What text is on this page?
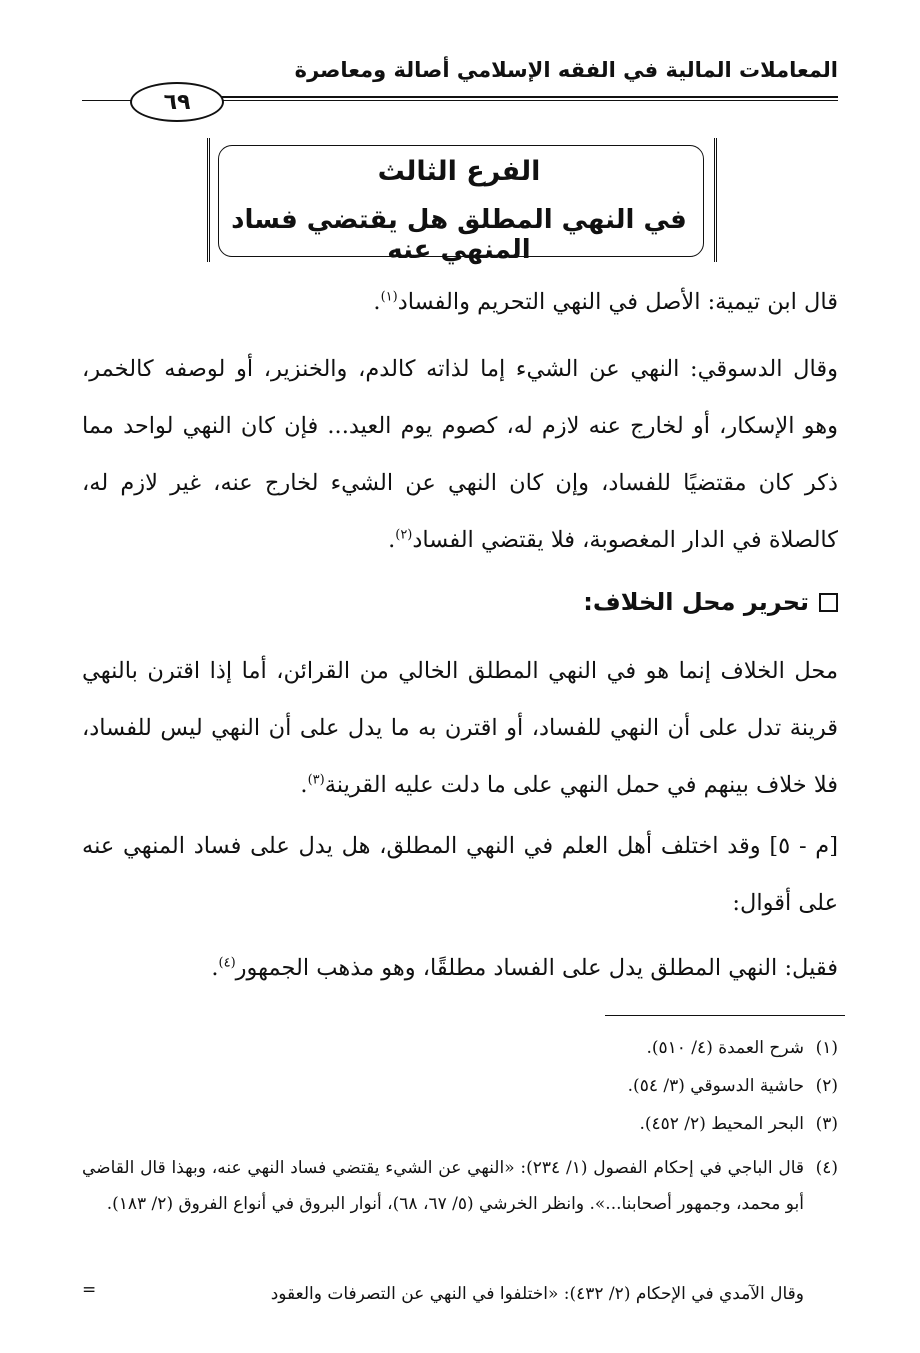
المعاملات المالية في الفقه الإسلامي أصالة ومعاصرة
٦٩
الفرع الثالث
في النهي المطلق هل يقتضي فساد المنهي عنه
قال ابن تيمية: الأصل في النهي التحريم والفساد$^{(١)}$.
وقال الدسوقي: النهي عن الشيء إما لذاته كالدم، والخنزير، أو لوصفه كالخمر، وهو الإسكار، أو لخارج عنه لازم له، كصوم يوم العيد... فإن كان النهي لواحد مما ذكر كان مقتضيًا للفساد، وإن كان النهي عن الشيء لخارج عنه، غير لازم له، كالصلاة في الدار المغصوبة، فلا يقتضي الفساد$^{(٢)}$.
تحرير محل الخلاف:
محل الخلاف إنما هو في النهي المطلق الخالي من القرائن، أما إذا اقترن بالنهي قرينة تدل على أن النهي للفساد، أو اقترن به ما يدل على أن النهي ليس للفساد، فلا خلاف بينهم في حمل النهي على ما دلت عليه القرينة$^{(٣)}$.
[م - ٥] وقد اختلف أهل العلم في النهي المطلق، هل يدل على فساد المنهي عنه على أقوال:
فقيل: النهي المطلق يدل على الفساد مطلقًا، وهو مذهب الجمهور$^{(٤)}$.
(١)شرح العمدة (٤/ ٥١٠).
(٢)حاشية الدسوقي (٣/ ٥٤).
(٣)البحر المحيط (٢/ ٤٥٢).
(٤)
قال الباجي في إحكام الفصول (١/ ٢٣٤): «النهي عن الشيء يقتضي فساد النهي عنه، وبهذا قال القاضي أبو محمد، وجمهور أصحابنا...». وانظر الخرشي (٥/ ٦٧، ٦٨)، أنوار البروق في أنواع الفروق (٢/ ١٨٣).
وقال الآمدي في الإحكام (٢/ ٤٣٢): «اختلفوا في النهي عن التصرفات والعقود
=
